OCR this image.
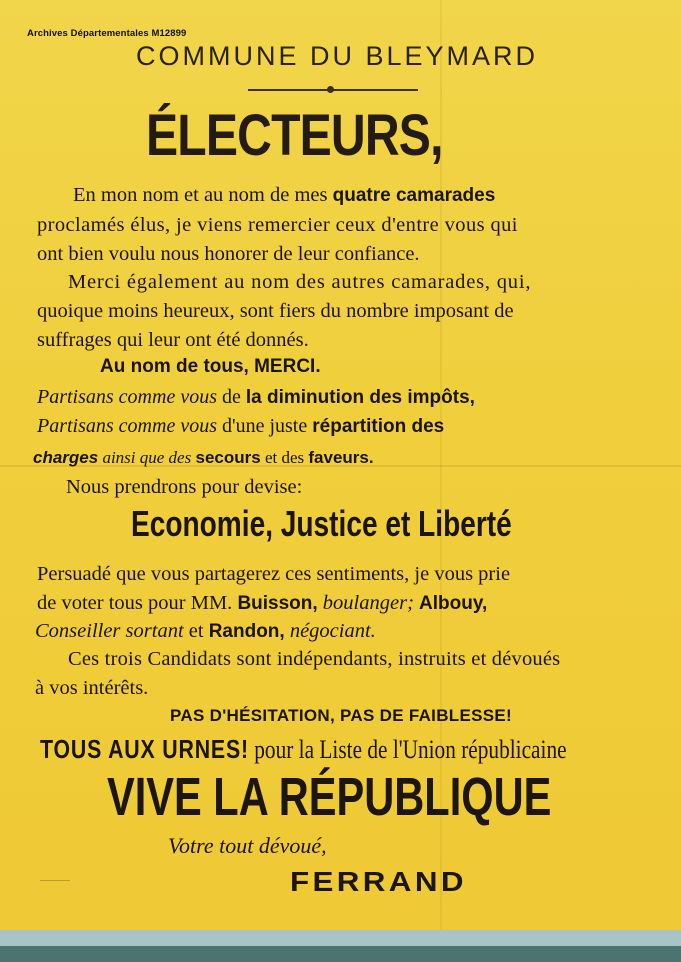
Archives Départementales M12899
COMMUNE DU BLEYMARD
ÉLECTEURS,
En mon nom et au nom de mes quatre camarades
proclamés élus, je viens remercier ceux d'entre vous qui
ont bien voulu nous honorer de leur confiance.
Merci également au nom des autres camarades, qui,
quoique moins heureux, sont fiers du nombre imposant de
suffrages qui leur ont été donnés.
Au nom de tous, MERCI.
Partisans comme vous de la diminution des impôts,
Partisans comme vous d'une juste répartition des
charges ainsi que des secours et des faveurs.
Nous prendrons pour devise:
Economie, Justice et Liberté
Persuadé que vous partagerez ces sentiments, je vous prie
de voter tous pour MM. Buisson, boulanger; Albouy,
Conseiller sortant et Randon, négociant.
Ces trois Candidats sont indépendants, instruits et dévoués
à vos intérêts.
PAS D'HÉSITATION, PAS DE FAIBLESSE!
TOUS AUX URNES! pour la Liste de l'Union républicaine
VIVE LA RÉPUBLIQUE
Votre tout dévoué,
—————	FERRAND
